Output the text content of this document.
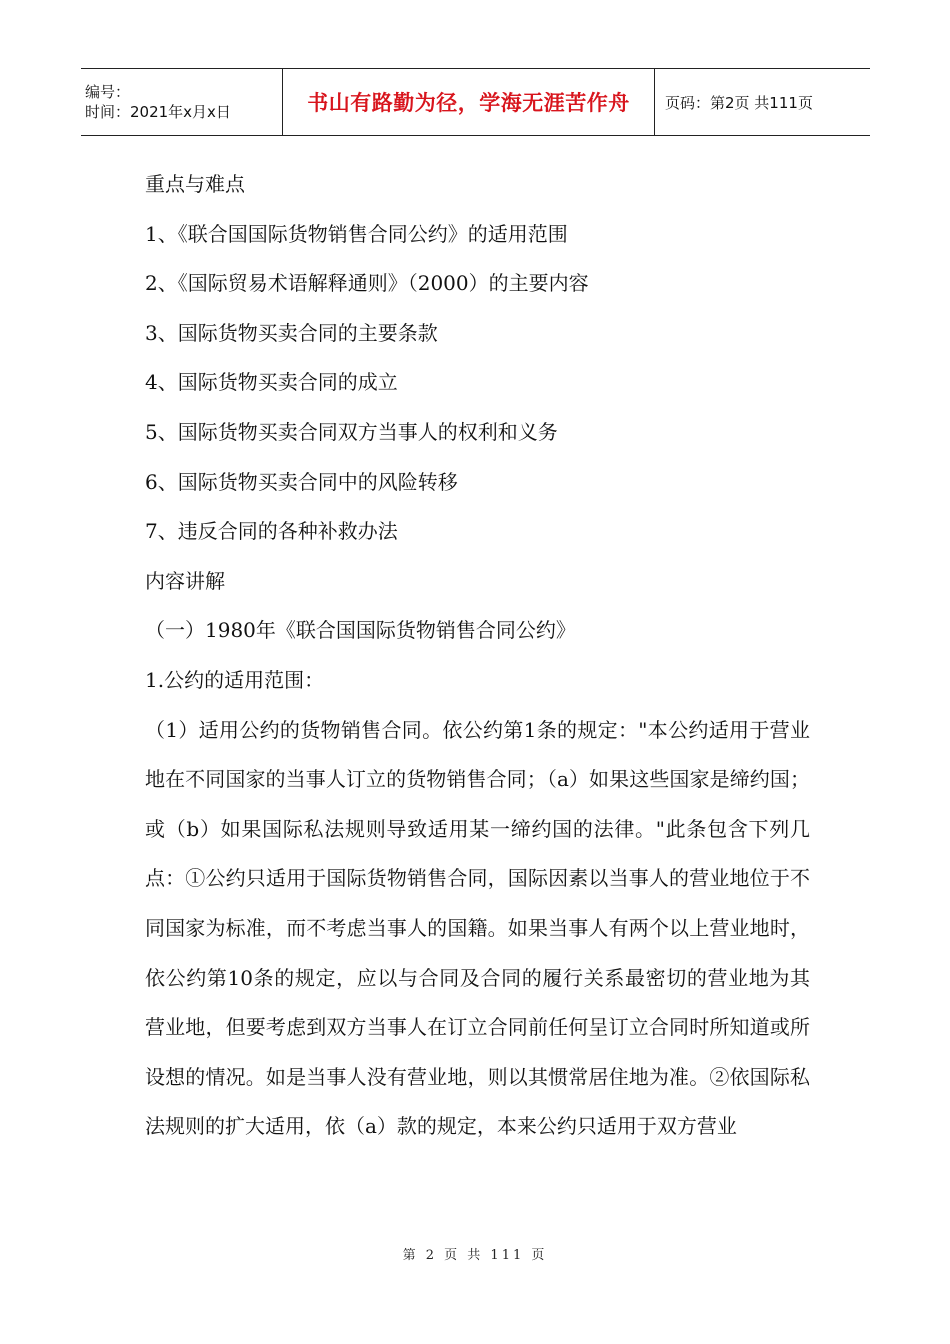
编号：
时间：2021年x月x日	书山有路勤为径，学海无涯苦作舟 页码：第2页 共111页

重点与难点

1、《联合国国际货物销售合同公约》的适用范围

2、《国际贸易术语解释通则》（2000）的主要内容

3、国际货物买卖合同的主要条款

4、国际货物买卖合同的成立

5、国际货物买卖合同双方当事人的权利和义务

6、国际货物买卖合同中的风险转移

7、违反合同的各种补救办法

内容讲解

（一）1980年《联合国国际货物销售合同公约》

1.公约的适用范围：

（1）适用公约的货物销售合同。依公约第1条的规定："本公约适用于营业地在不同国家的当事人订立的货物销售合同；（a）如果这些国家是缔约国；或（b）如果国际私法规则导致适用某一缔约国的法律。"此条包含下列几点：①公约只适用于国际货物销售合同，国际因素以当事人的营业地位于不同国家为标准，而不考虑当事人的国籍。如果当事人有两个以上营业地时，依公约第10条的规定，应以与合同及合同的履行关系最密切的营业地为其营业地，但要考虑到双方当事人在订立合同前任何呈订立合同时所知道或所设想的情况。如是当事人没有营业地，则以其惯常居住地为准。②依国际私法规则的扩大适用，依（a）款的规定，本来公约只适用于双方营业

第 2 页 共 111 页
